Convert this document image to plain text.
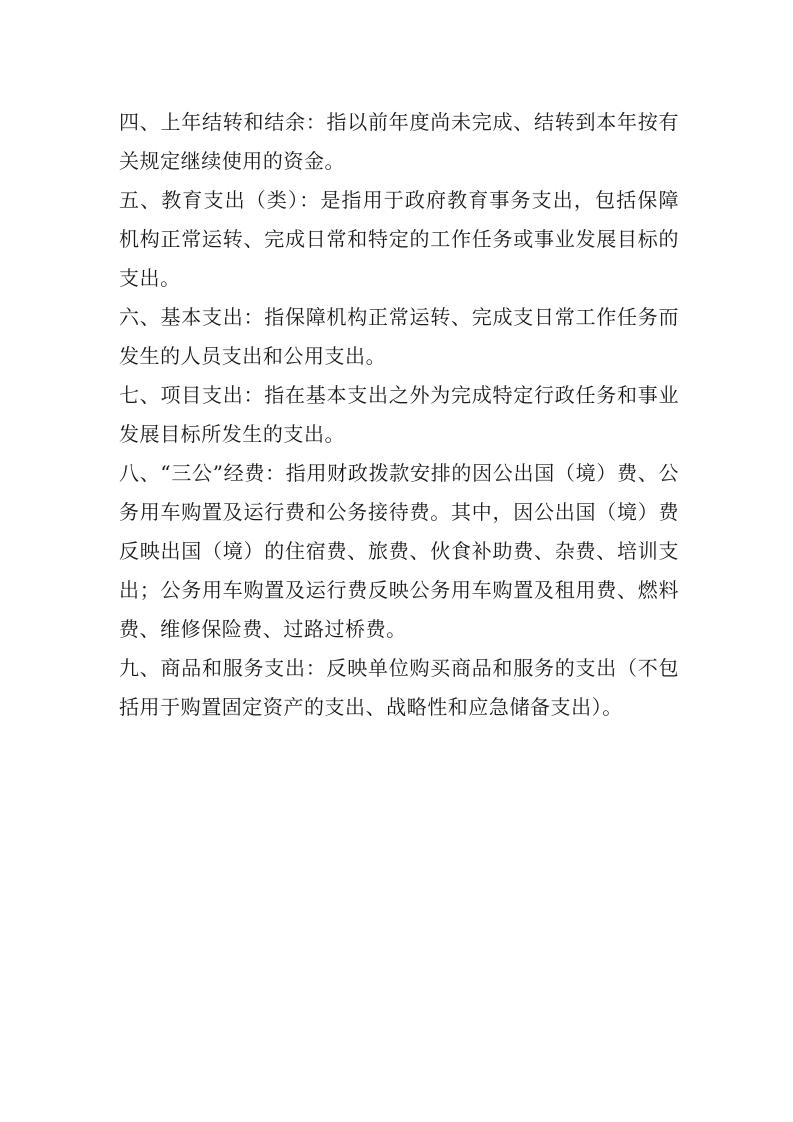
四、上年结转和结余：指以前年度尚未完成、结转到本年按有关规定继续使用的资金。

五、教育支出（类）：是指用于政府教育事务支出，包括保障机构正常运转、完成日常和特定的工作任务或事业发展目标的支出。

六、基本支出：指保障机构正常运转、完成支日常工作任务而发生的人员支出和公用支出。

七、项目支出：指在基本支出之外为完成特定行政任务和事业发展目标所发生的支出。

八、“三公”经费：指用财政拨款安排的因公出国（境）费、公务用车购置及运行费和公务接待费。其中，因公出国（境）费反映出国（境）的住宿费、旅费、伙食补助费、杂费、培训支出；公务用车购置及运行费反映公务用车购置及租用费、燃料费、维修保险费、过路过桥费。

九、商品和服务支出：反映单位购买商品和服务的支出（不包括用于购置固定资产的支出、战略性和应急储备支出）。
